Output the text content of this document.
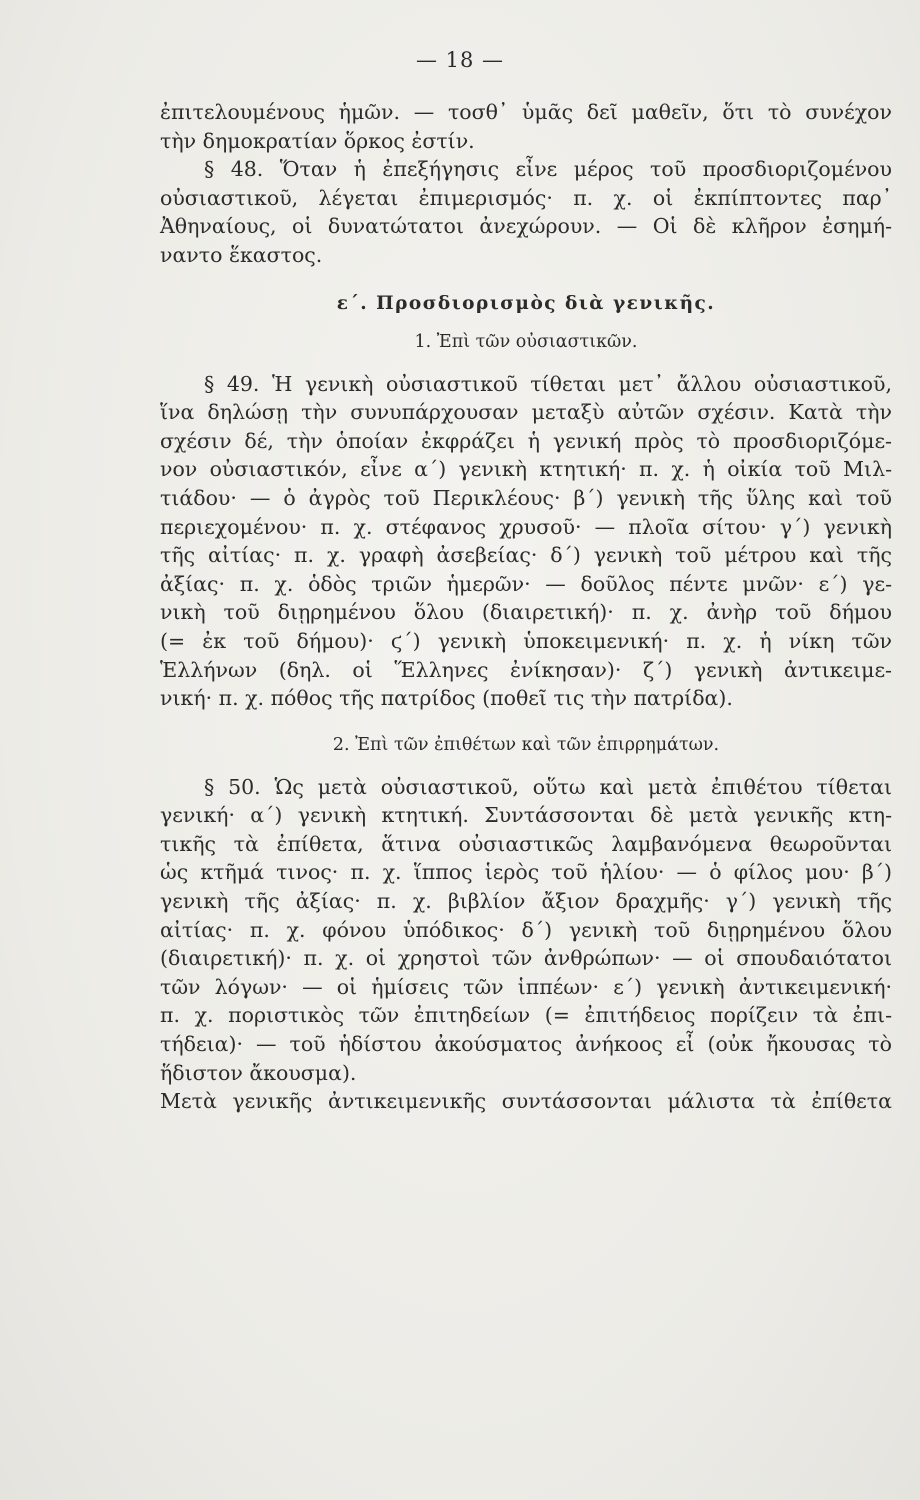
— 18 —
ἐπιτελουμένους ἡμῶν. — τοσθ᾽ ὑμᾶς δεῖ μαθεῖν, ὅτι τὸ συνέχον
τὴν δημοκρατίαν ὅρκος ἐστίν.
§ 48. Ὅταν ἡ ἐπεξήγησις εἶνε μέρος τοῦ προσδιοριζομένου
οὐσιαστικοῦ, λέγεται ἐπιμερισμός· π. χ. οἱ ἐκπίπτοντες παρ᾽
Ἀθηναίους, οἱ δυνατώτατοι ἀνεχώρουν. — Οἱ δὲ κλῆρον ἐσημή-
ναντο ἕκαστος.
ε΄. Προσδιορισμὸς διὰ γενικῆς.
1. Ἐπὶ τῶν οὐσιαστικῶν.
§ 49. Ἡ γενικὴ οὐσιαστικοῦ τίθεται μετ᾽ ἄλλου οὐσιαστικοῦ,
ἵνα δηλώσῃ τὴν συνυπάρχουσαν μεταξὺ αὐτῶν σχέσιν. Κατὰ τὴν
σχέσιν δέ, τὴν ὁποίαν ἐκφράζει ἡ γενική πρὸς τὸ προσδιοριζόμε-
νον οὐσιαστικόν, εἶνε α΄) γενικὴ κτητική· π. χ. ἡ οἰκία τοῦ Μιλ-
τιάδου· — ὁ ἀγρὸς τοῦ Περικλέους· β΄) γενικὴ τῆς ὕλης καὶ τοῦ
περιεχομένου· π. χ. στέφανος χρυσοῦ· — πλοῖα σίτου· γ΄) γενικὴ
τῆς αἰτίας· π. χ. γραφὴ ἀσεβείας· δ΄) γενικὴ τοῦ μέτρου καὶ τῆς
ἀξίας· π. χ. ὁδὸς τριῶν ἡμερῶν· — δοῦλος πέντε μνῶν· ε΄) γε-
νικὴ τοῦ διῃρημένου ὅλου (διαιρετική)· π. χ. ἀνὴρ τοῦ δήμου
(= ἐκ τοῦ δήμου)· ϛ΄) γενικὴ ὑποκειμενική· π. χ. ἡ νίκη τῶν
Ἑλλήνων (δηλ. οἱ Ἕλληνες ἐνίκησαν)· ζ΄) γενικὴ ἀντικειμε-
νική· π. χ. πόθος τῆς πατρίδος (ποθεῖ τις τὴν πατρίδα).
2. Ἐπὶ τῶν ἐπιθέτων καὶ τῶν ἐπιρρημάτων.
§ 50. Ὡς μετὰ οὐσιαστικοῦ, οὕτω καὶ μετὰ ἐπιθέτου τίθεται
γενική· α΄) γενικὴ κτητική. Συντάσσονται δὲ μετὰ γενικῆς κτη-
τικῆς τὰ ἐπίθετα, ἅτινα οὐσιαστικῶς λαμβανόμενα θεωροῦνται
ὡς κτῆμά τινος· π. χ. ἵππος ἱερὸς τοῦ ἡλίου· — ὁ φίλος μου· β΄)
γενικὴ τῆς ἀξίας· π. χ. βιβλίον ἄξιον δραχμῆς· γ΄) γενικὴ τῆς
αἰτίας· π. χ. φόνου ὑπόδικος· δ΄) γενικὴ τοῦ διῃρημένου ὅλου
(διαιρετική)· π. χ. οἱ χρηστοὶ τῶν ἀνθρώπων· — οἱ σπουδαιότατοι
τῶν λόγων· — οἱ ἡμίσεις τῶν ἱππέων· ε΄) γενικὴ ἀντικειμενική·
π. χ. ποριστικὸς τῶν ἐπιτηδείων (= ἐπιτήδειος πορίζειν τὰ ἐπι-
τήδεια)· — τοῦ ἡδίστου ἀκούσματος ἀνήκοος εἶ (οὐκ ἤκουσας τὸ
ἥδιστον ἄκουσμα).
Μετὰ γενικῆς ἀντικειμενικῆς συντάσσονται μάλιστα τὰ ἐπίθετα
